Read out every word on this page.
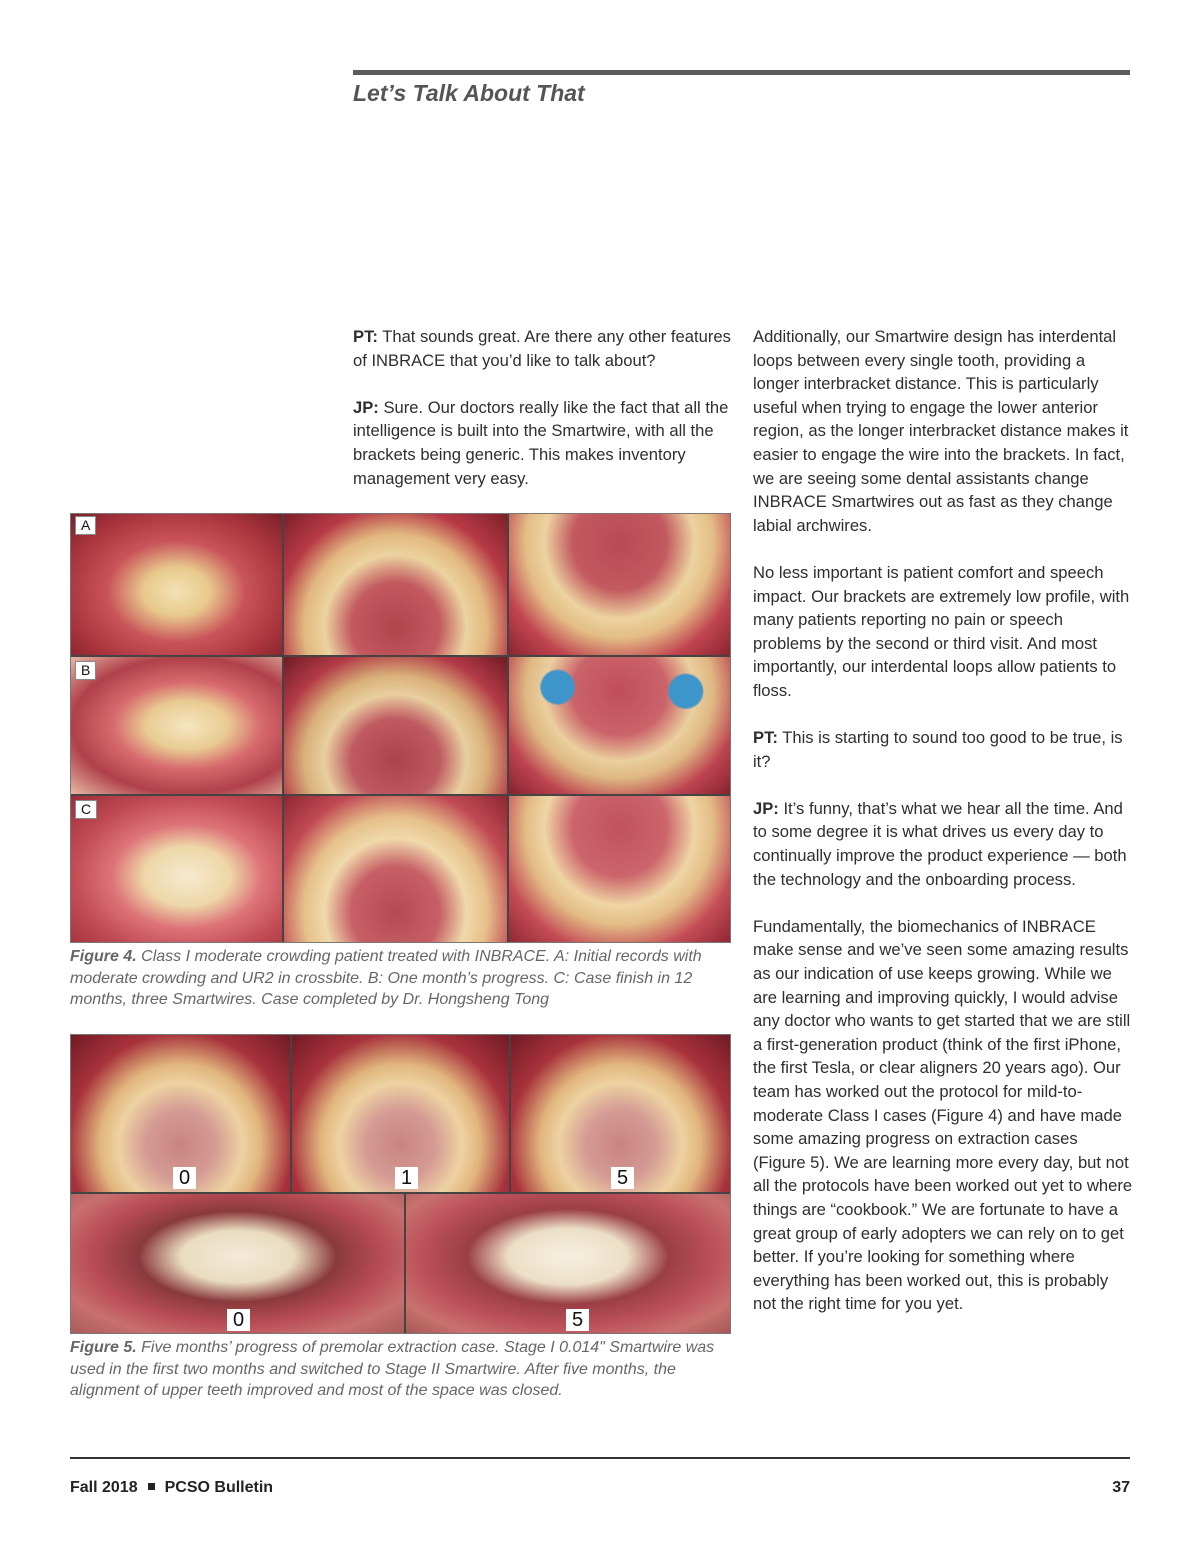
Let’s Talk About That

PT: That sounds great. Are there any other features of INBRACE that you’d like to talk about?

JP: Sure. Our doctors really like the fact that all the intelligence is built into the Smartwire, with all the brackets being generic. This makes inventory management very easy.

Additionally, our Smartwire design has interdental loops between every single tooth, providing a longer interbracket distance. This is particularly useful when trying to engage the lower anterior region, as the longer interbracket distance makes it easier to engage the wire into the brackets. In fact, we are seeing some dental assistants change INBRACE Smartwires out as fast as they change labial archwires.

No less important is patient comfort and speech impact. Our brackets are extremely low profile, with many patients reporting no pain or speech problems by the second or third visit. And most importantly, our interdental loops allow patients to floss.

PT: This is starting to sound too good to be true, is it?

JP: It’s funny, that’s what we hear all the time. And to some degree it is what drives us every day to continually improve the product experience — both the technology and the onboarding process.

Fundamentally, the biomechanics of INBRACE make sense and we’ve seen some amazing results as our indication of use keeps growing. While we are learning and improving quickly, I would advise any doctor who wants to get started that we are still a first-generation product (think of the first iPhone, the first Tesla, or clear aligners 20 years ago). Our team has worked out the protocol for mild-to-moderate Class I cases (Figure 4) and have made some amazing progress on extraction cases (Figure 5). We are learning more every day, but not all the protocols have been worked out yet to where things are “cookbook.” We are fortunate to have a great group of early adopters we can rely on to get better. If you’re looking for something where everything has been worked out, this is probably not the right time for you yet.

A
B
C

Figure 4. Class I moderate crowding patient treated with INBRACE. A: Initial records with moderate crowding and UR2 in crossbite. B: One month’s progress. C: Case finish in 12 months, three Smartwires. Case completed by Dr. Hongsheng Tong

0	1	5
0	5

Figure 5. Five months’ progress of premolar extraction case. Stage I 0.014" Smartwire was used in the first two months and switched to Stage II Smartwire. After five months, the alignment of upper teeth improved and most of the space was closed.

Fall 2018 PCSO Bulletin	37
